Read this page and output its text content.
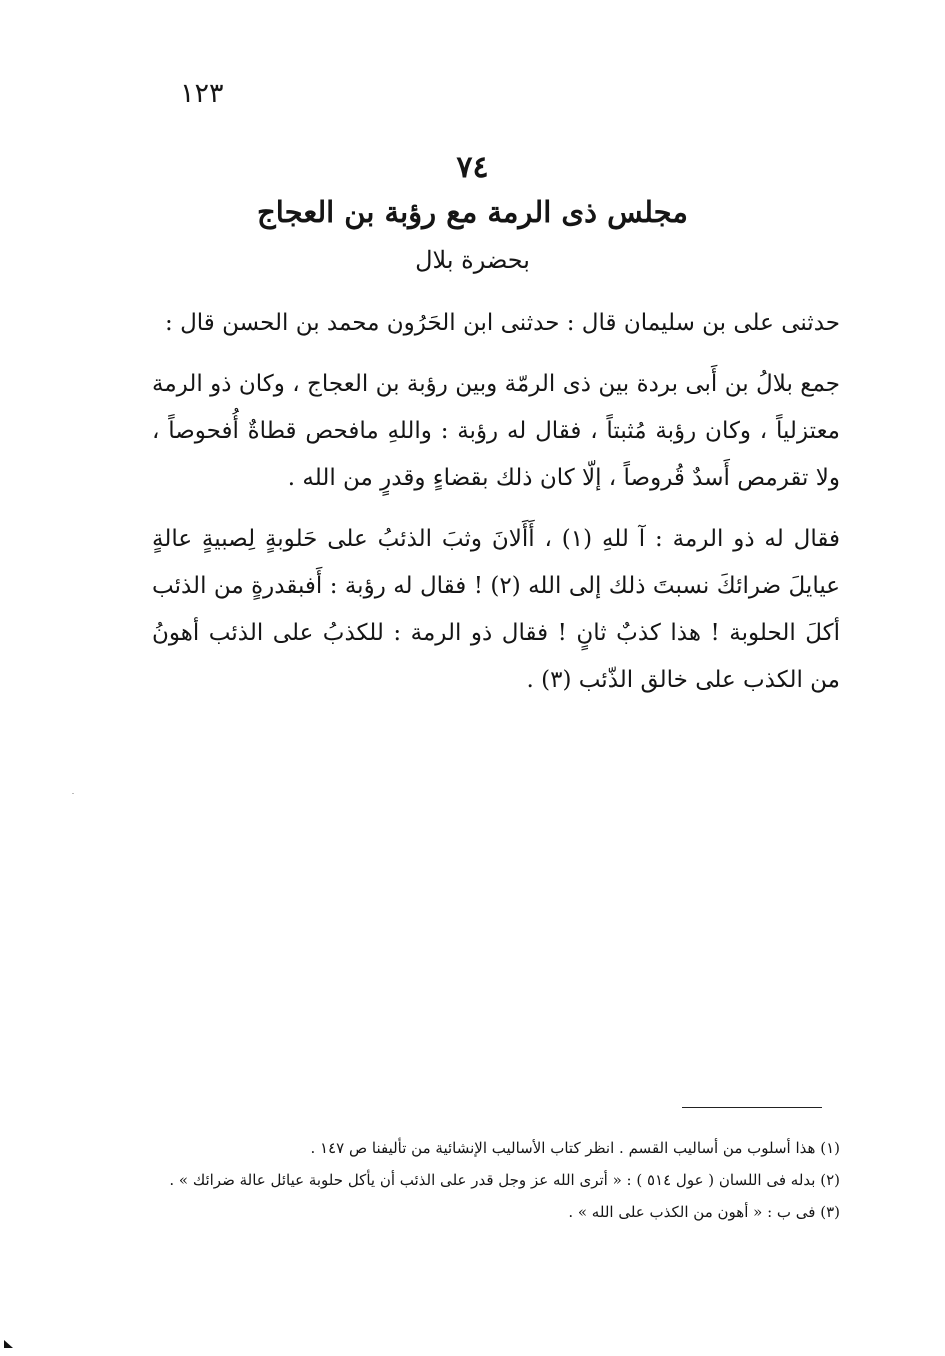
١٢٣
٧٤
مجلس ذى الرمة مع رؤبة بن العجاج
بحضرة بلال

حدثنى على بن سليمان قال : حدثنى ابن الحَرُون محمد بن الحسن قال :

جمع بلالُ بن أَبى بردة بين ذى الرمّة وبين رؤبة بن العجاج ، وكان ذو الرمة معتزلياً ، وكان رؤبة مُثبتاً ، فقال له رؤبة : واللهِ مافحص قطاةٌ أُفحوصاً ، ولا تقرمص أَسدٌ قُروصاً ، إلّا كان ذلك بقضاءٍ وقدرٍ من الله .

فقال له ذو الرمة : آ للهِ (١) ، أَأَلانَ وثبَ الذئبُ على حَلوبةٍ لِصبيةٍ عالةٍ عيايلَ ضرائكَ نسبتَ ذلك إلى الله (٢) ! فقال له رؤبة : أَفبقدرةٍ من الذئب أكلَ الحلوبة ! هذا كذبٌ ثانٍ ! فقال ذو الرمة : للكذبُ على الذئب أهونُ من الكذب على خالق الذّئب (٣) .

(١) هذا أسلوب من أساليب القسم . انظر كتاب الأساليب الإنشائية من تأليفنا ص ١٤٧ .

(٢) بدله فى اللسان ( عول ٥١٤ ) : « أترى الله عز وجل قدر على الذئب أن يأكل حلوبة عيائل عالة ضرائك » .

(٣) فى ب : « أهون من الكذب على الله » .
